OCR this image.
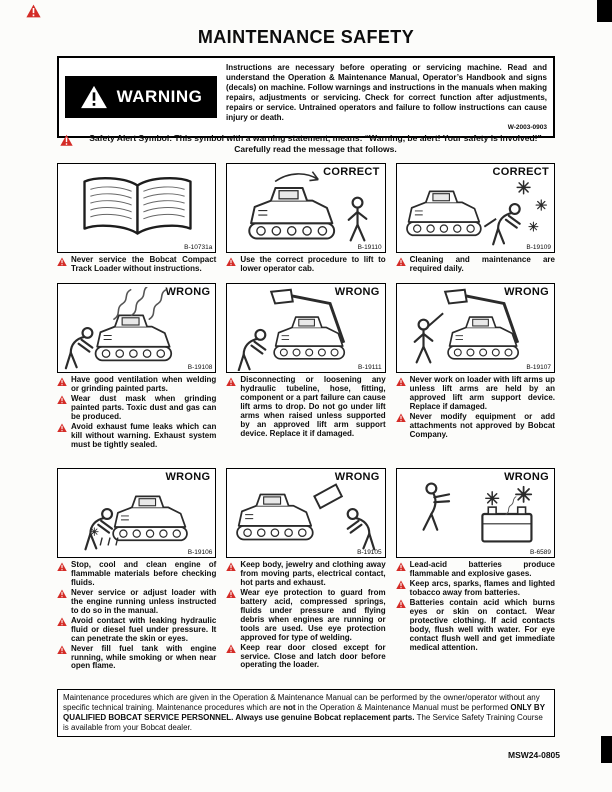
MAINTENANCE SAFETY
WARNING
Instructions are necessary before operating or servicing machine. Read and understand the Operation & Maintenance Manual, Operator’s Handbook and signs (decals) on machine. Follow warnings and instructions in the manuals when making repairs, adjustments or servicing. Check for correct function after adjustments, repairs or service. Untrained operators and failure to follow instructions can cause injury or death.
W-2003-0903
Safety Alert Symbol: This symbol with a warning statement, means: “Warning, be alert! Your safety is involved!” Carefully read the message that follows.
B-10731a
Never service the Bobcat Compact Track Loader without instructions.
CORRECT
B-19110
Use the correct procedure to lift to lower operator cab.
CORRECT
B-19109
Cleaning and maintenance are required daily.
WRONG
B-19108
Have good ventilation when welding or grinding painted parts.
Wear dust mask when grinding painted parts. Toxic dust and gas can be produced.
Avoid exhaust fume leaks which can kill without warning. Exhaust system must be tightly sealed.
WRONG
B-19111
Disconnecting or loosening any hydraulic tubeline, hose, fitting, component or a part failure can cause lift arms to drop. Do not go under lift arms when raised unless supported by an approved lift arm support device. Replace it if damaged.
WRONG
B-19107
Never work on loader with lift arms up unless lift arms are held by an approved lift arm support device. Replace if damaged.
Never modify equipment or add attachments not approved by Bobcat Company.
WRONG
B-19106
Stop, cool and clean engine of flammable materials before checking fluids.
Never service or adjust loader with the engine running unless instructed to do so in the manual.
Avoid contact with leaking hydraulic fluid or diesel fuel under pressure. It can penetrate the skin or eyes.
Never fill fuel tank with engine running, while smoking or when near open flame.
WRONG
B-19105
Keep body, jewelry and clothing away from moving parts, electrical contact, hot parts and exhaust.
Wear eye protection to guard from battery acid, compressed springs, fluids under pressure and flying debris when engines are running or tools are used. Use eye protection approved for type of welding.
Keep rear door closed except for service. Close and latch door before operating the loader.
WRONG
B-6589
Lead-acid batteries produce flammable and explosive gases.
Keep arcs, sparks, flames and lighted tobacco away from batteries.
Batteries contain acid which burns eyes or skin on contact. Wear protective clothing. If acid contacts body, flush well with water. For eye contact flush well and get immediate medical attention.
Maintenance procedures which are given in the Operation & Maintenance Manual can be performed by the owner/operator without any specific technical training. Maintenance procedures which are not in the Operation & Maintenance Manual must be performed ONLY BY QUALIFIED BOBCAT SERVICE PERSONNEL. Always use genuine Bobcat replacement parts. The Service Safety Training Course is available from your Bobcat dealer.
MSW24-0805
